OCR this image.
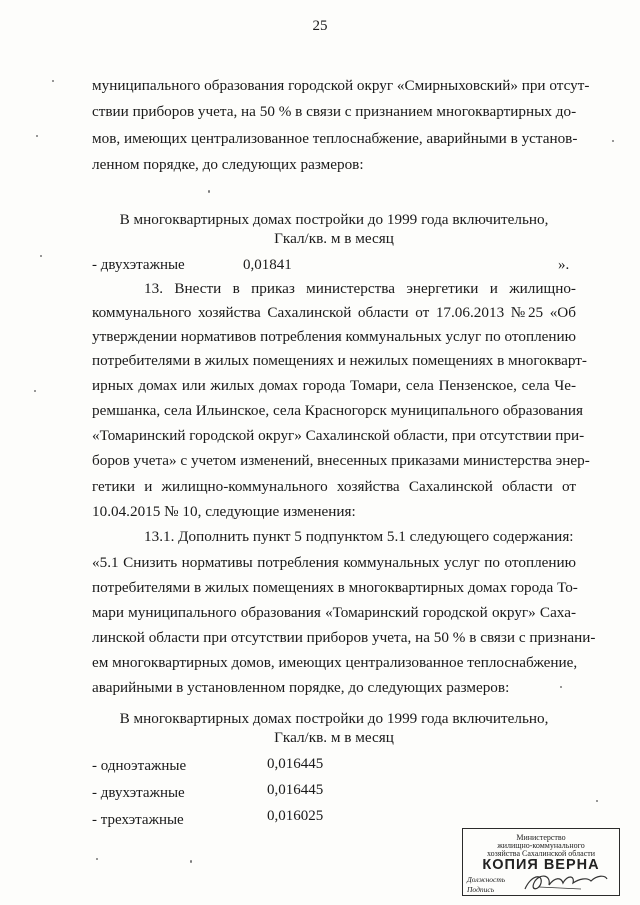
25
муниципального образования городской округ «Смирныховский» при отсут-
ствии приборов учета, на 50 % в связи с признанием многоквартирных до-
мов, имеющих централизованное теплоснабжение, аварийными в установ-
ленном порядке, до следующих размеров:
В многоквартирных домах постройки до 1999 года включительно,
Гкал/кв. м в месяц
- двухэтажные	0,01841	».
13. Внести в приказ министерства энергетики и жилищно-
коммунального хозяйства Сахалинской области от 17.06.2013 №25 «Об
утверждении нормативов потребления коммунальных услуг по отоплению
потребителями в жилых помещениях и нежилых помещениях в многокварт-
ирных домах или жилых домах города Томари, села Пензенское, села Че-
ремшанка, села Ильинское, села Красногорск муниципального образования
«Томаринский городской округ» Сахалинской области, при отсутствии при-
боров учета» с учетом изменений, внесенных приказами министерства энер-
гетики и жилищно-коммунального хозяйства Сахалинской области от
10.04.2015 № 10, следующие изменения:
13.1. Дополнить пункт 5 подпунктом 5.1 следующего содержания:
«5.1 Снизить нормативы потребления коммунальных услуг по отоплению
потребителями в жилых помещениях в многоквартирных домах города То-
мари муниципального образования «Томаринский городской округ» Саха-
линской области при отсутствии приборов учета, на 50 % в связи с признани-
ем многоквартирных домов, имеющих централизованное теплоснабжение,
аварийными в установленном порядке, до следующих размеров:
В многоквартирных домах постройки до 1999 года включительно,
Гкал/кв. м в месяц
- одноэтажные	0,016445
- двухэтажные	0,016445
- трехэтажные	0,016025
Министерство
жилищно-коммунального
хозяйства Сахалинской области
КОПИЯ ВЕРНА
Должность
Подпись
